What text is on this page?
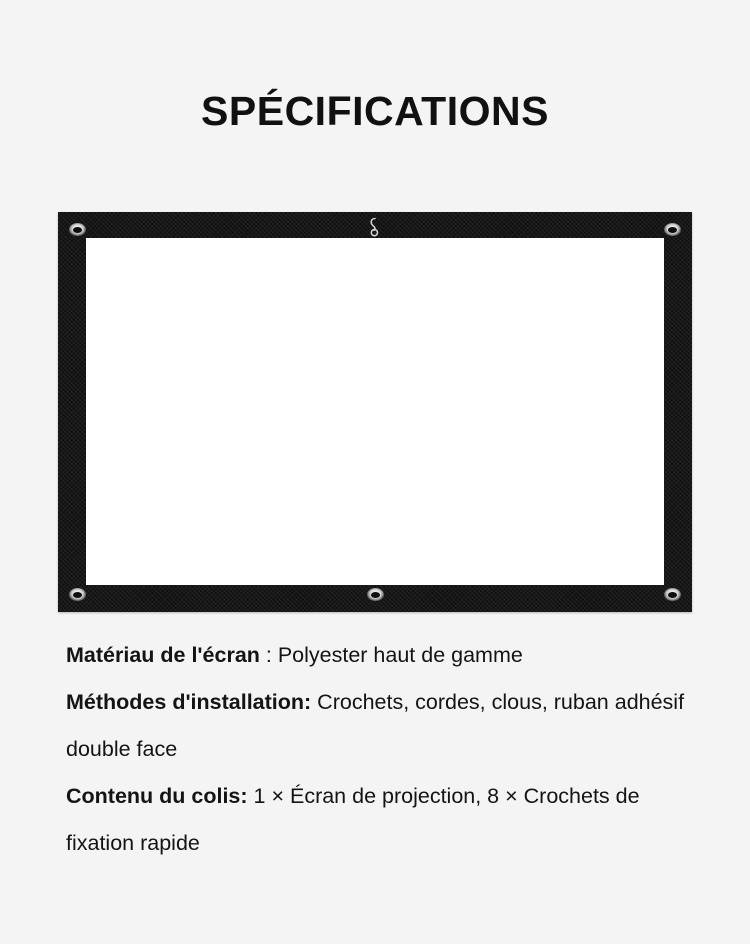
SPÉCIFICATIONS

Matériau de l'écran : Polyester haut de gamme

Méthodes d'installation: Crochets, cordes, clous, ruban adhésif double face

Contenu du colis: 1 × Écran de projection, 8 × Crochets de fixation rapide
